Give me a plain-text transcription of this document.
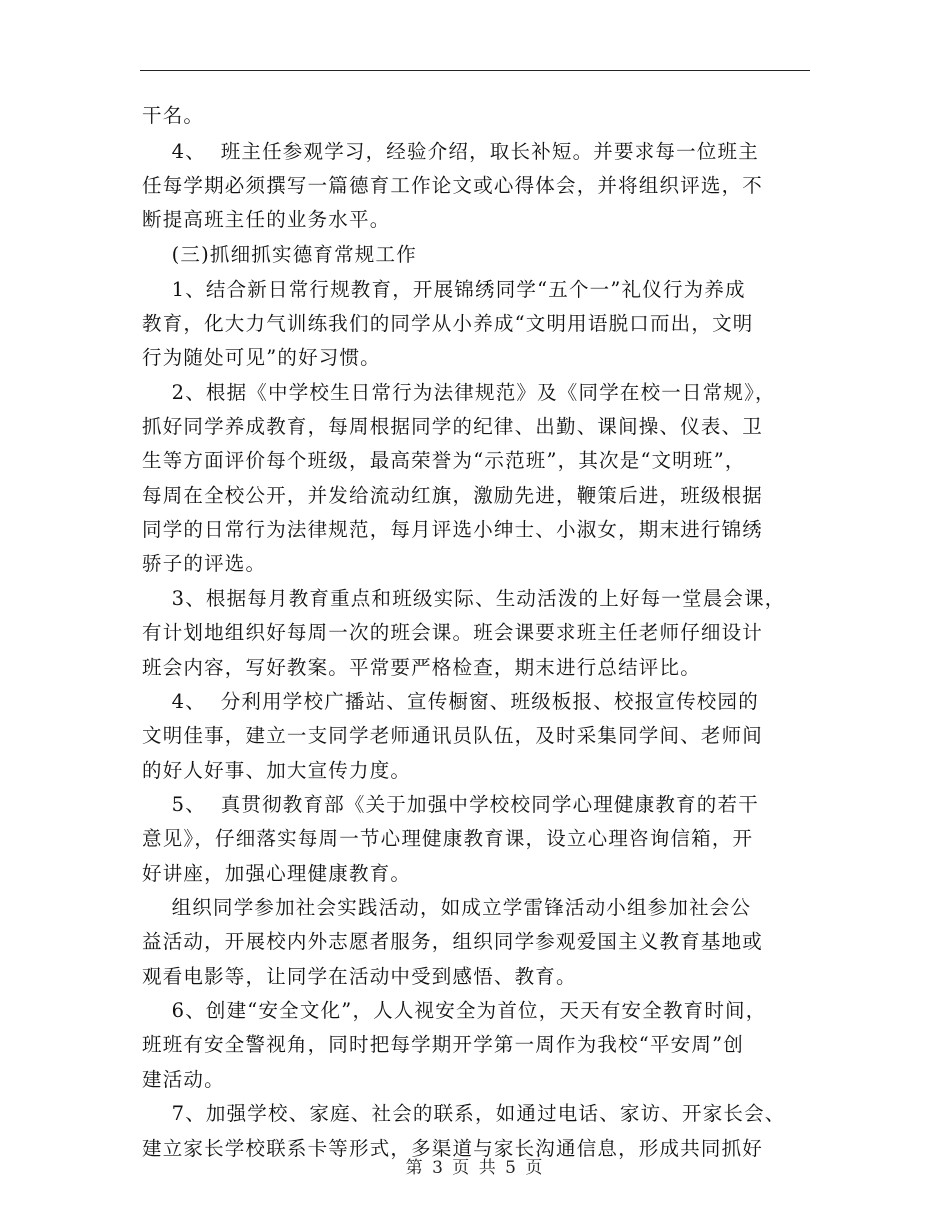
干名。
4、  班主任参观学习，经验介绍，取长补短。并要求每一位班主
任每学期必须撰写一篇德育工作论文或心得体会，并将组织评选，不
断提高班主任的业务水平。
(三)抓细抓实德育常规工作
1、结合新日常行规教育，开展锦绣同学“五个一”礼仪行为养成
教育，化大力气训练我们的同学从小养成“文明用语脱口而出，文明
行为随处可见”的好习惯。
2、根据《中学校生日常行为法律规范》及《同学在校一日常规》，
抓好同学养成教育，每周根据同学的纪律、出勤、课间操、仪表、卫
生等方面评价每个班级，最高荣誉为“示范班”，其次是“文明班”，
每周在全校公开，并发给流动红旗，激励先进，鞭策后进，班级根据
同学的日常行为法律规范，每月评选小绅士、小淑女，期末进行锦绣
骄子的评选。
3、根据每月教育重点和班级实际、生动活泼的上好每一堂晨会课，
有计划地组织好每周一次的班会课。班会课要求班主任老师仔细设计
班会内容，写好教案。平常要严格检查，期末进行总结评比。
4、  分利用学校广播站、宣传橱窗、班级板报、校报宣传校园的
文明佳事，建立一支同学老师通讯员队伍，及时采集同学间、老师间
的好人好事、加大宣传力度。
5、  真贯彻教育部《关于加强中学校校同学心理健康教育的若干
意见》，仔细落实每周一节心理健康教育课，设立心理咨询信箱，开
好讲座，加强心理健康教育。
组织同学参加社会实践活动，如成立学雷锋活动小组参加社会公
益活动，开展校内外志愿者服务，组织同学参观爱国主义教育基地或
观看电影等，让同学在活动中受到感悟、教育。
6、创建“安全文化”，人人视安全为首位，天天有安全教育时间，
班班有安全警视角，同时把每学期开学第一周作为我校“平安周”创
建活动。
7、加强学校、家庭、社会的联系，如通过电话、家访、开家长会、
建立家长学校联系卡等形式，多渠道与家长沟通信息，形成共同抓好
第 3 页 共 5 页
